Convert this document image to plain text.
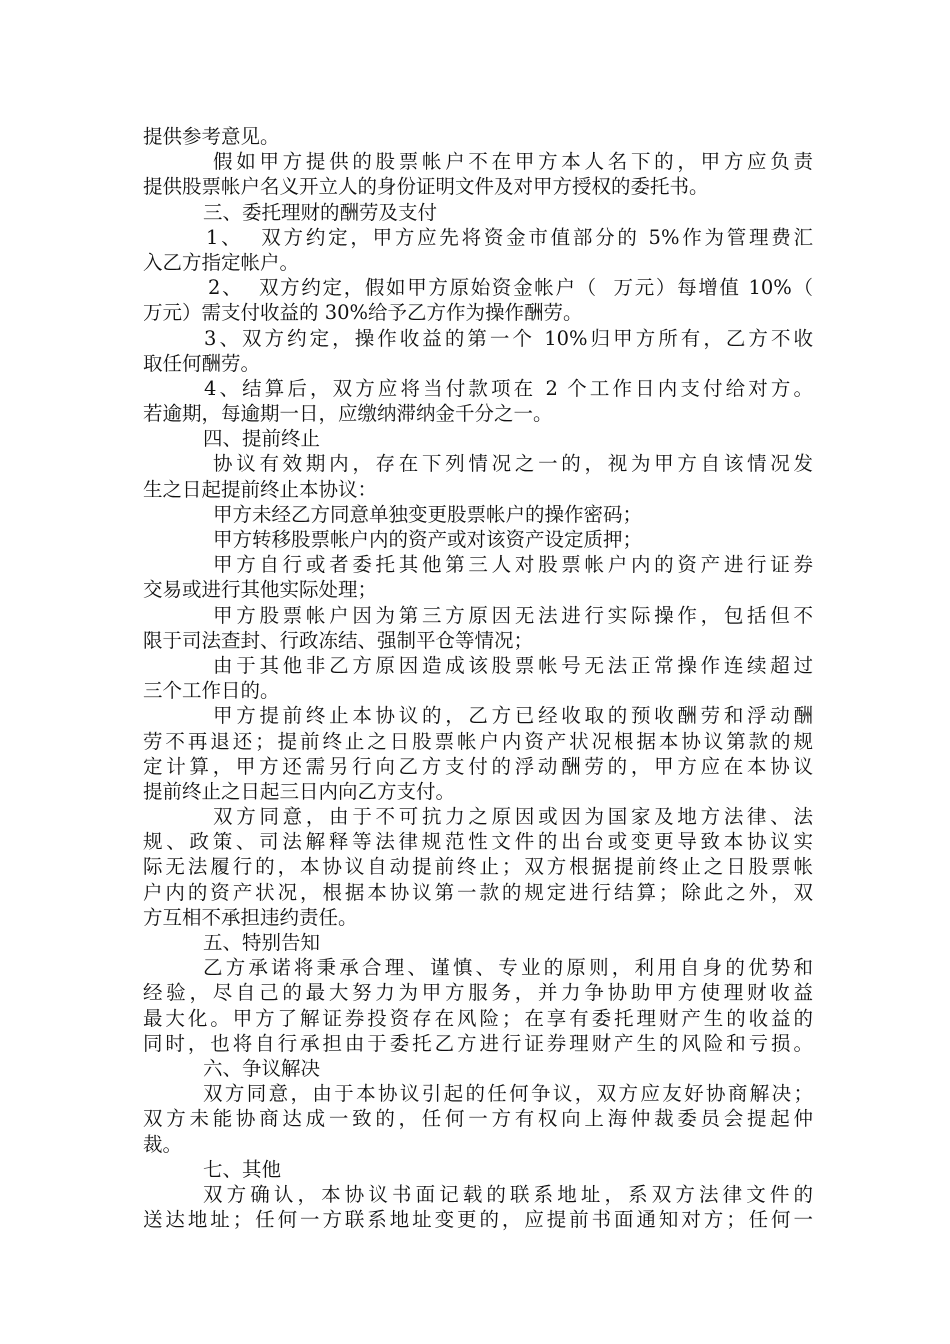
提供参考意见。
假如甲方提供的股票帐户不在甲方本人名下的，甲方应负责
提供股票帐户名义开立人的身份证明文件及对甲方授权的委托书。
三、委托理财的酬劳及支付
1、  双方约定，甲方应先将资金市值部分的 5%作为管理费汇
入乙方指定帐户。
2、  双方约定，假如甲方原始资金帐户（  万元）每增值 10%（
万元）需支付收益的 30%给予乙方作为操作酬劳。
3、双方约定，操作收益的第一个 10%归甲方所有，乙方不收
取任何酬劳。
4、结算后，双方应将当付款项在 2 个工作日内支付给对方。
若逾期，每逾期一日，应缴纳滞纳金千分之一。
四、提前终止
协议有效期内，存在下列情况之一的，视为甲方自该情况发
生之日起提前终止本协议：
甲方未经乙方同意单独变更股票帐户的操作密码；
甲方转移股票帐户内的资产或对该资产设定质押；
甲方自行或者委托其他第三人对股票帐户内的资产进行证券
交易或进行其他实际处理；
甲方股票帐户因为第三方原因无法进行实际操作，包括但不
限于司法查封、行政冻结、强制平仓等情况；
由于其他非乙方原因造成该股票帐号无法正常操作连续超过
三个工作日的。
甲方提前终止本协议的，乙方已经收取的预收酬劳和浮动酬
劳不再退还；提前终止之日股票帐户内资产状况根据本协议第款的规
定计算，甲方还需另行向乙方支付的浮动酬劳的，甲方应在本协议
提前终止之日起三日内向乙方支付。
双方同意，由于不可抗力之原因或因为国家及地方法律、法
规、政策、司法解释等法律规范性文件的出台或变更导致本协议实
际无法履行的，本协议自动提前终止；双方根据提前终止之日股票帐
户内的资产状况，根据本协议第一款的规定进行结算；除此之外，双
方互相不承担违约责任。
五、特别告知
乙方承诺将秉承合理、谨慎、专业的原则，利用自身的优势和
经验，尽自己的最大努力为甲方服务，并力争协助甲方使理财收益
最大化。甲方了解证券投资存在风险；在享有委托理财产生的收益的
同时，也将自行承担由于委托乙方进行证券理财产生的风险和亏损。
六、争议解决
双方同意，由于本协议引起的任何争议，双方应友好协商解决；
双方未能协商达成一致的，任何一方有权向上海仲裁委员会提起仲
裁。
七、其他
双方确认，本协议书面记载的联系地址，系双方法律文件的
送达地址；任何一方联系地址变更的，应提前书面通知对方；任何一
